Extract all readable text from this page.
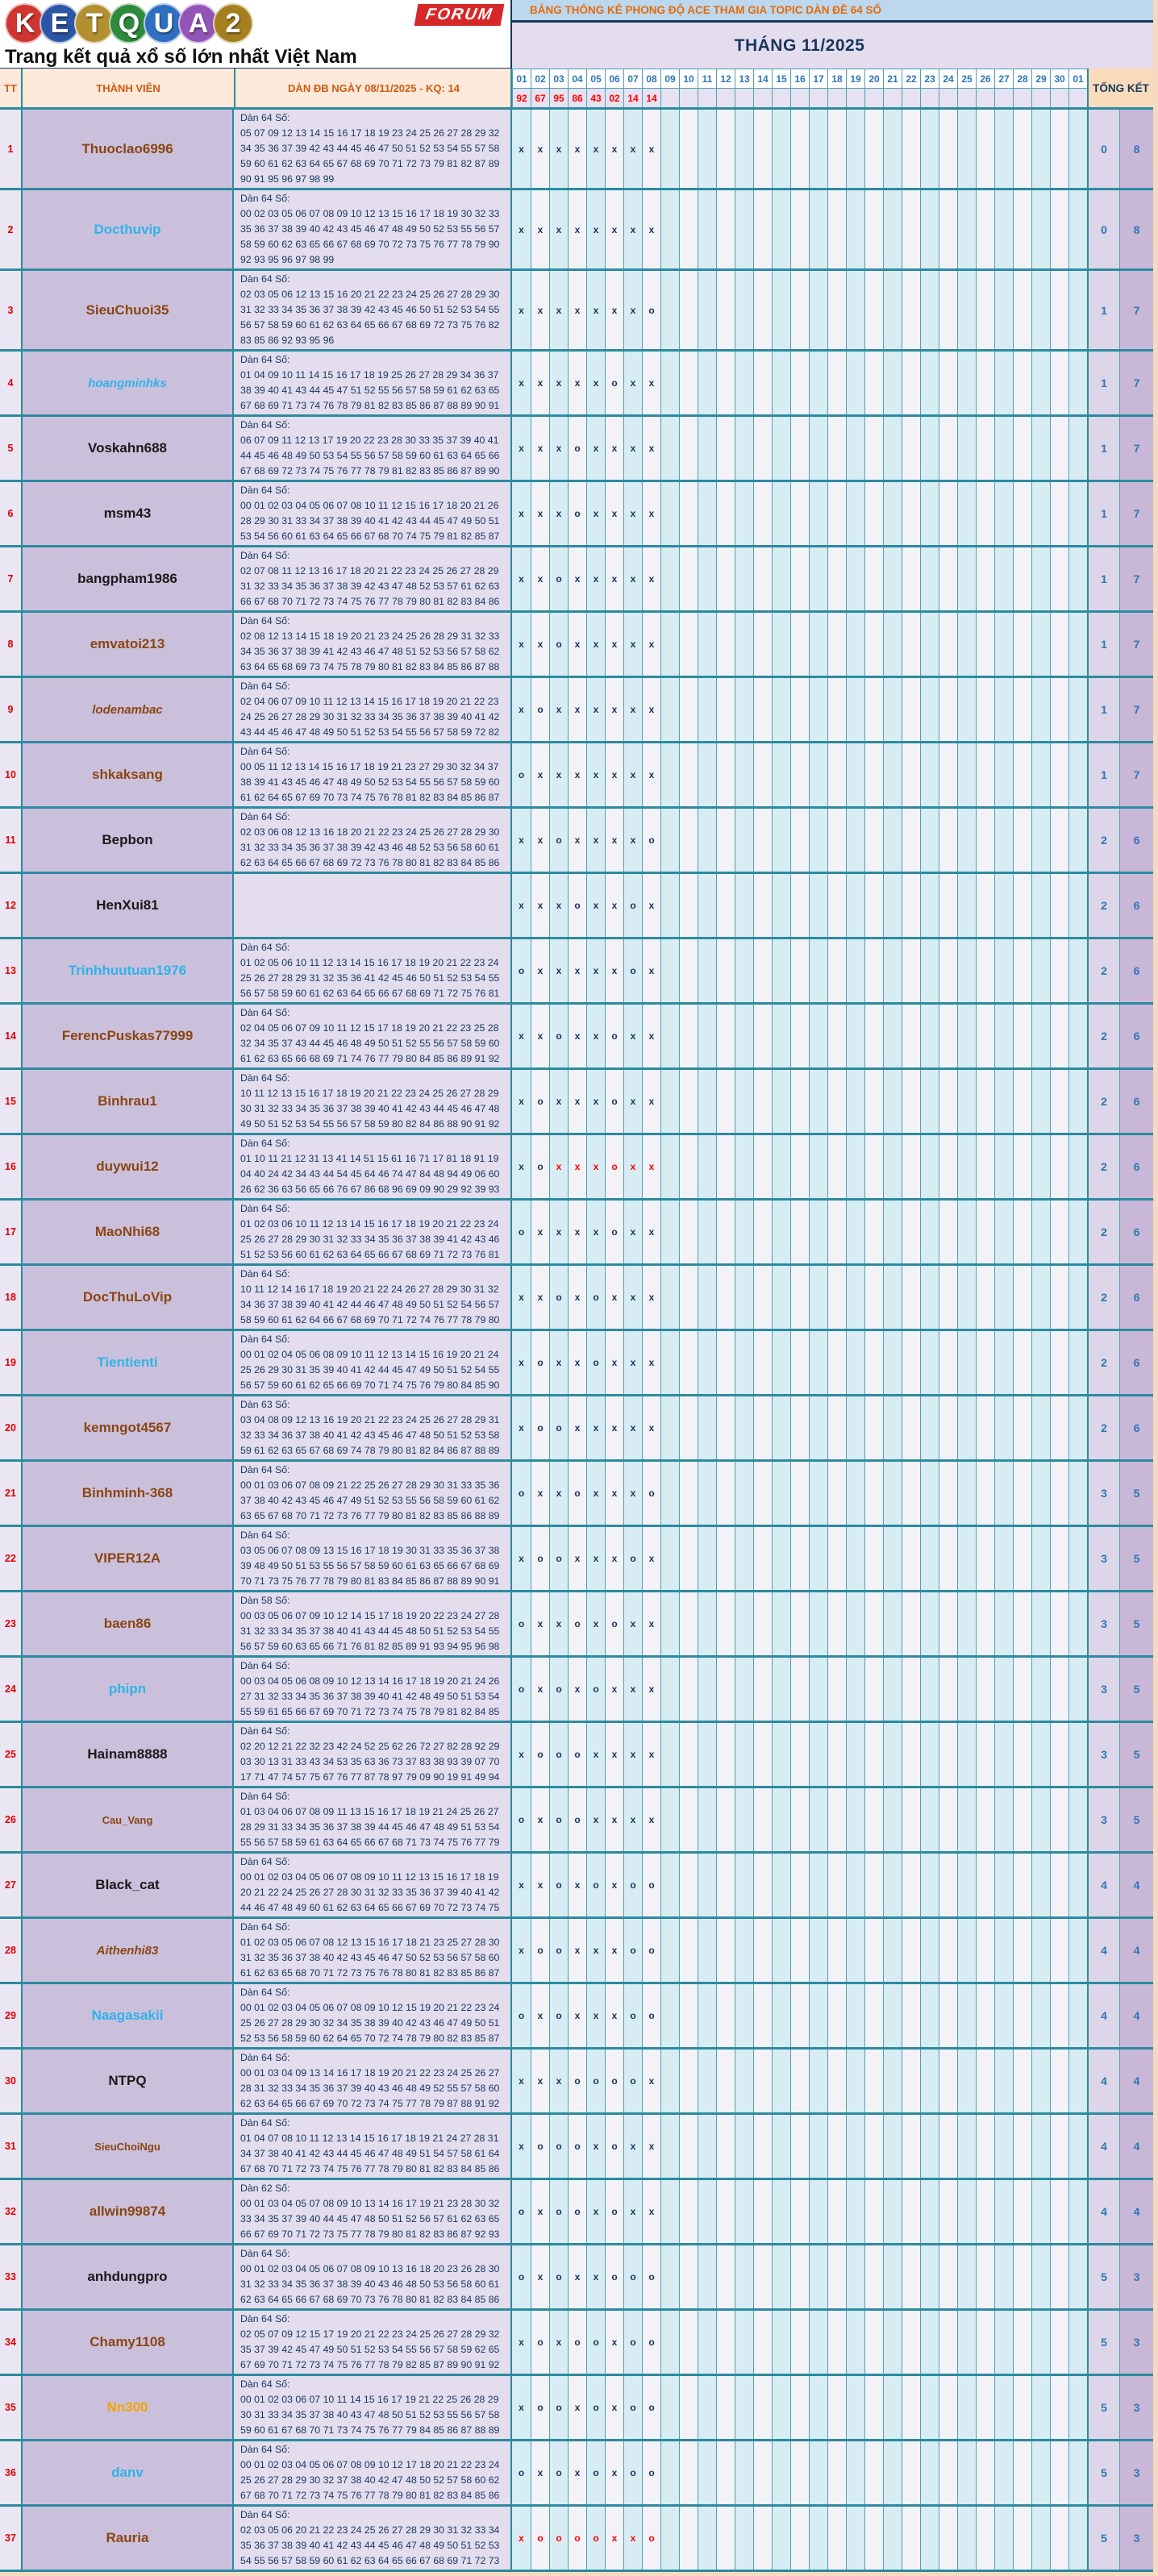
K E T Q U A 2	FORUM
Trang kết quả xổ số lớn nhất Việt Nam
TT	THÀNH VIÊN	DÀN ĐB NGÀY 08/11/2025 - KQ: 14
BẢNG THỐNG KÊ PHONG ĐỘ ACE THAM GIA TOPIC DÀN ĐỀ 64 SỐ
THÁNG 11/2025
01 02 03 04 05 06 07 08 09 10 11 12 13 14 15 16 17 18 19 20 21 22 23 24 25 26 27 28 29 30 01
TỔNG KẾT
92 67 95 86 43 02 14 14
1	Thuoclao6996
Dàn 64 Số:
05 07 09 12 13 14 15 16 17 18 19 23 24 25 26 27 28 29 32
34 35 36 37 39 42 43 44 45 46 47 50 51 52 53 54 55 57 58
59 60 61 62 63 64 65 67 68 69 70 71 72 73 79 81 82 87 89
90 91 95 96 97 98 99
x x x x x x x x	0	8
2	Docthuvip
Dàn 64 Số:
00 02 03 05 06 07 08 09 10 12 13 15 16 17 18 19 30 32 33
35 36 37 38 39 40 42 43 45 46 47 48 49 50 52 53 55 56 57
58 59 60 62 63 65 66 67 68 69 70 72 73 75 76 77 78 79 90
92 93 95 96 97 98 99
x x x x x x x x	0	8
3	SieuChuoi35
Dàn 64 Số:
02 03 05 06 12 13 15 16 20 21 22 23 24 25 26 27 28 29 30
31 32 33 34 35 36 37 38 39 42 43 45 46 50 51 52 53 54 55
56 57 58 59 60 61 62 63 64 65 66 67 68 69 72 73 75 76 82
83 85 86 92 93 95 96
x x x x x x x o	1	7
4	hoangminhks
Dàn 64 Số:
01 04 09 10 11 14 15 16 17 18 19 25 26 27 28 29 34 36 37
38 39 40 41 43 44 45 47 51 52 55 56 57 58 59 61 62 63 65
67 68 69 71 73 74 76 78 79 81 82 83 85 86 87 88 89 90 91
x x x x x o x x	1	7
5	Voskahn688
Dàn 64 Số:
06 07 09 11 12 13 17 19 20 22 23 28 30 33 35 37 39 40 41
44 45 46 48 49 50 53 54 55 56 57 58 59 60 61 63 64 65 66
67 68 69 72 73 74 75 76 77 78 79 81 82 83 85 86 87 89 90
x x x o x x x x	1	7
6	msm43
Dàn 64 Số:
00 01 02 03 04 05 06 07 08 10 11 12 15 16 17 18 20 21 26
28 29 30 31 33 34 37 38 39 40 41 42 43 44 45 47 49 50 51
53 54 56 60 61 63 64 65 66 67 68 70 74 75 79 81 82 85 87
x x x o x x x x	1	7
7	bangpham1986
Dàn 64 Số:
02 07 08 11 12 13 16 17 18 20 21 22 23 24 25 26 27 28 29
31 32 33 34 35 36 37 38 39 42 43 47 48 52 53 57 61 62 63
66 67 68 70 71 72 73 74 75 76 77 78 79 80 81 82 83 84 86
x x o x x x x x	1	7
8	emvatoi213
Dàn 64 Số:
02 08 12 13 14 15 18 19 20 21 23 24 25 26 28 29 31 32 33
34 35 36 37 38 39 41 42 43 46 47 48 51 52 53 56 57 58 62
63 64 65 68 69 73 74 75 78 79 80 81 82 83 84 85 86 87 88
x x o x x x x x	1	7
9	lodenambac
Dàn 64 Số:
02 04 06 07 09 10 11 12 13 14 15 16 17 18 19 20 21 22 23
24 25 26 27 28 29 30 31 32 33 34 35 36 37 38 39 40 41 42
43 44 45 46 47 48 49 50 51 52 53 54 55 56 57 58 59 72 82
x o x x x x x x	1	7
10	shkaksang
Dàn 64 Số:
00 05 11 12 13 14 15 16 17 18 19 21 23 27 29 30 32 34 37
38 39 41 43 45 46 47 48 49 50 52 53 54 55 56 57 58 59 60
61 62 64 65 67 69 70 73 74 75 76 78 81 82 83 84 85 86 87
o x x x x x x x	1	7
11	Bepbon
Dàn 64 Số:
02 03 06 08 12 13 16 18 20 21 22 23 24 25 26 27 28 29 30
31 32 33 34 35 36 37 38 39 42 43 46 48 52 53 56 58 60 61
62 63 64 65 66 67 68 69 72 73 76 78 80 81 82 83 84 85 86
x x o x x x x o	2	6
12	HenXui81	x x x o x x o x	2	6
13	Trinhhuutuan1976
Dàn 64 Số:
01 02 05 06 10 11 12 13 14 15 16 17 18 19 20 21 22 23 24
25 26 27 28 29 31 32 35 36 41 42 45 46 50 51 52 53 54 55
56 57 58 59 60 61 62 63 64 65 66 67 68 69 71 72 75 76 81
o x x x x x o x	2	6
14	FerencPuskas77999
Dàn 64 Số:
02 04 05 06 07 09 10 11 12 15 17 18 19 20 21 22 23 25 28
32 34 35 37 43 44 45 46 48 49 50 51 52 55 56 57 58 59 60
61 62 63 65 66 68 69 71 74 76 77 79 80 84 85 86 89 91 92
x x o x x o x x	2	6
15	Binhrau1
Dàn 64 Số:
10 11 12 13 15 16 17 18 19 20 21 22 23 24 25 26 27 28 29
30 31 32 33 34 35 36 37 38 39 40 41 42 43 44 45 46 47 48
49 50 51 52 53 54 55 56 57 58 59 80 82 84 86 88 90 91 92
x o x x x o x x	2	6
16	duywui12
Dàn 64 Số:
01 10 11 21 12 31 13 41 14 51 15 61 16 71 17 81 18 91 19
04 40 24 42 34 43 44 54 45 64 46 74 47 84 48 94 49 06 60
26 62 36 63 56 65 66 76 67 86 68 96 69 09 90 29 92 39 93
x o x x x o x x	2	6
17	MaoNhi68
Dàn 64 Số:
01 02 03 06 10 11 12 13 14 15 16 17 18 19 20 21 22 23 24
25 26 27 28 29 30 31 32 33 34 35 36 37 38 39 41 42 43 46
51 52 53 56 60 61 62 63 64 65 66 67 68 69 71 72 73 76 81
o x x x x o x x	2	6
18	DocThuLoVip
Dàn 64 Số:
10 11 12 14 16 17 18 19 20 21 22 24 26 27 28 29 30 31 32
34 36 37 38 39 40 41 42 44 46 47 48 49 50 51 52 54 56 57
58 59 60 61 62 64 66 67 68 69 70 71 72 74 76 77 78 79 80
x x o x o x x x	2	6
19	Tientienti
Dàn 64 Số:
00 01 02 04 05 06 08 09 10 11 12 13 14 15 16 19 20 21 24
25 26 29 30 31 35 39 40 41 42 44 45 47 49 50 51 52 54 55
56 57 59 60 61 62 65 66 69 70 71 74 75 76 79 80 84 85 90
x o x x o x x x	2	6
20	kemngot4567
Dàn 63 Số:
03 04 08 09 12 13 16 19 20 21 22 23 24 25 26 27 28 29 31
32 33 34 36 37 38 40 41 42 43 45 46 47 48 50 51 52 53 58
59 61 62 63 65 67 68 69 74 78 79 80 81 82 84 86 87 88 89
x o o x x x x x	2	6
21	Binhminh-368
Dàn 64 Số:
00 01 03 06 07 08 09 21 22 25 26 27 28 29 30 31 33 35 36
37 38 40 42 43 45 46 47 49 51 52 53 55 56 58 59 60 61 62
63 65 67 68 70 71 72 73 76 77 79 80 81 82 83 85 86 88 89
o x x o x x x o	3	5
22	VIPER12A
Dàn 64 Số:
03 05 06 07 08 09 13 15 16 17 18 19 30 31 33 35 36 37 38
39 48 49 50 51 53 55 56 57 58 59 60 61 63 65 66 67 68 69
70 71 73 75 76 77 78 79 80 81 83 84 85 86 87 88 89 90 91
x o o x x x o x	3	5
23	baen86
Dàn 58 Số:
00 03 05 06 07 09 10 12 14 15 17 18 19 20 22 23 24 27 28
31 32 33 34 35 37 38 40 41 43 44 45 48 50 51 52 53 54 55
56 57 59 60 63 65 66 71 76 81 82 85 89 91 93 94 95 96 98
o x x o x o x x	3	5
24	phipn
Dàn 64 Số:
00 03 04 05 06 08 09 10 12 13 14 16 17 18 19 20 21 24 26
27 31 32 33 34 35 36 37 38 39 40 41 42 48 49 50 51 53 54
55 59 61 65 66 67 69 70 71 72 73 74 75 78 79 81 82 84 85
o x o x o x x x	3	5
25	Hainam8888
Dàn 64 Số:
02 20 12 21 22 32 23 42 24 52 25 62 26 72 27 82 28 92 29
03 30 13 31 33 43 34 53 35 63 36 73 37 83 38 93 39 07 70
17 71 47 74 57 75 67 76 77 87 78 97 79 09 90 19 91 49 94
x o o o x x x x	3	5
26	Cau_Vang
Dàn 64 Số:
01 03 04 06 07 08 09 11 13 15 16 17 18 19 21 24 25 26 27
28 29 31 33 34 35 36 37 38 39 44 45 46 47 48 49 51 53 54
55 56 57 58 59 61 63 64 65 66 67 68 71 73 74 75 76 77 79
o x o o x x x x	3	5
27	Black_cat
Dàn 64 Số:
00 01 02 03 04 05 06 07 08 09 10 11 12 13 15 16 17 18 19
20 21 22 24 25 26 27 28 30 31 32 33 35 36 37 39 40 41 42
44 46 47 48 49 60 61 62 63 64 65 66 67 69 70 72 73 74 75
x x o x o x o o	4	4
28	Aithenhi83
Dàn 64 Số:
01 02 03 05 06 07 08 12 13 15 16 17 18 21 23 25 27 28 30
31 32 35 36 37 38 40 42 43 45 46 47 50 52 53 56 57 58 60
61 62 63 65 68 70 71 72 73 75 76 78 80 81 82 83 85 86 87
x o o x x x o o	4	4
29	Naagasakii
Dàn 64 Số:
00 01 02 03 04 05 06 07 08 09 10 12 15 19 20 21 22 23 24
25 26 27 28 29 30 32 34 35 38 39 40 42 43 46 47 49 50 51
52 53 56 58 59 60 62 64 65 70 72 74 78 79 80 82 83 85 87
o x o x x x o o	4	4
30	NTPQ
Dàn 64 Số:
00 01 03 04 09 13 14 16 17 18 19 20 21 22 23 24 25 26 27
28 31 32 33 34 35 36 37 39 40 43 46 48 49 52 55 57 58 60
62 63 64 65 66 67 69 70 72 73 74 75 77 78 79 87 88 91 92
x x x o o o o x	4	4
31	SieuChoiNgu
Dàn 64 Số:
01 04 07 08 10 11 12 13 14 15 16 17 18 19 21 24 27 28 31
34 37 38 40 41 42 43 44 45 46 47 48 49 51 54 57 58 61 64
67 68 70 71 72 73 74 75 76 77 78 79 80 81 82 83 84 85 86
x o o o x o x x	4	4
32	allwin99874
Dàn 62 Số:
00 01 03 04 05 07 08 09 10 13 14 16 17 19 21 23 28 30 32
33 34 35 37 39 40 44 45 47 48 50 51 52 56 57 61 62 63 65
66 67 69 70 71 72 73 75 77 78 79 80 81 82 83 86 87 92 93
o x o o x o x x	4	4
33	anhdungpro
Dàn 64 Số:
00 01 02 03 04 05 06 07 08 09 10 13 16 18 20 23 26 28 30
31 32 33 34 35 36 37 38 39 40 43 46 48 50 53 56 58 60 61
62 63 64 65 66 67 68 69 70 73 76 78 80 81 82 83 84 85 86
o x o x x o o o	5	3
34	Chamy1108
Dàn 64 Số:
02 05 07 09 12 15 17 19 20 21 22 23 24 25 26 27 28 29 32
35 37 39 42 45 47 49 50 51 52 53 54 55 56 57 58 59 62 65
67 69 70 71 72 73 74 75 76 77 78 79 82 85 87 89 90 91 92
x o x o o x o o	5	3
35	Nn300
Dàn 64 Số:
00 01 02 03 06 07 10 11 14 15 16 17 19 21 22 25 26 28 29
30 31 33 34 35 37 38 40 43 47 48 50 51 52 53 55 56 57 58
59 60 61 67 68 70 71 73 74 75 76 77 79 84 85 86 87 88 89
x o o x o x o o	5	3
36	danv
Dàn 64 Số:
00 01 02 03 04 05 06 07 08 09 10 12 17 18 20 21 22 23 24
25 26 27 28 29 30 32 37 38 40 42 47 48 50 52 57 58 60 62
67 68 70 71 72 73 74 75 76 77 78 79 80 81 82 83 84 85 86
o x o x o x o o	5	3
37	Rauria
Dàn 64 Số:
02 03 05 06 20 21 22 23 24 25 26 27 28 29 30 31 32 33 34
35 36 37 38 39 40 41 42 43 44 45 46 47 48 49 50 51 52 53
54 55 56 57 58 59 60 61 62 63 64 65 66 67 68 69 71 72 73
x o o o o x x o	5	3
